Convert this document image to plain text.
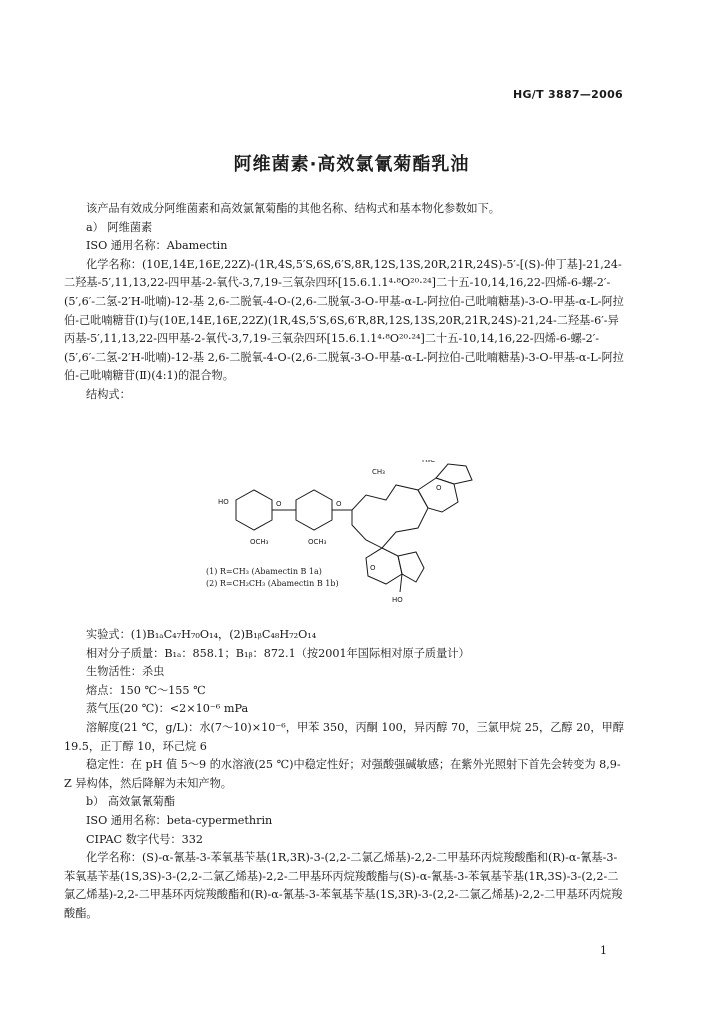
HG/T 3887—2006
阿维菌素·高效氯氰菊酯乳油

该产品有效成分阿维菌素和高效氯氰菊酯的其他名称、结构式和基本物化参数如下。

a） 阿维菌素

ISO 通用名称：Abamectin

化学名称：(10E,14E,16E,22Z)-(1R,4S,5′S,6S,6′S,8R,12S,13S,20R,21R,24S)-5′-[(S)-仲丁基]-21,24-二羟基-5′,11,13,22-四甲基-2-氧代-3,7,19-三氧杂四环[15.6.1.1⁴·⁸O²⁰·²⁴]二十五-10,14,16,22-四烯-6-螺-2′-(5′,6′-二氢-2′H-吡喃)-12-基 2,6-二脱氧-4-O-(2,6-二脱氧-3-O-甲基-α-L-阿拉伯-己吡喃糖基)-3-O-甲基-α-L-阿拉伯-己吡喃糖苷(Ⅰ)与(10E,14E,16E,22Z)(1R,4S,5′S,6S,6′R,8R,12S,13S,20R,21R,24S)-21,24-二羟基-6′-异丙基-5′,11,13,22-四甲基-2-氧代-3,7,19-三氧杂四环[15.6.1.1⁴·⁸O²⁰·²⁴]二十五-10,14,16,22-四烯-6-螺-2′-(5′,6′-二氢-2′H-吡喃)-12-基 2,6-二脱氧-4-O-(2,6-二脱氧-3-O-甲基-α-L-阿拉伯-己吡喃糖基)-3-O-甲基-α-L-阿拉伯-己吡喃糖苷(Ⅱ)(4:1)的混合物。

结构式：

HO
OCH₃	OCH₃
O	O
O
CH₃
H₃C
O
HO

(1) R=CH₃ (Abamectin B 1a)

(2) R=CH₂CH₃ (Abamectin B 1b)

实验式：(1)B₁ₐC₄₇H₇₀O₁₄，(2)B₁ᵦC₄₈H₇₂O₁₄

相对分子质量：B₁ₐ：858.1；B₁ᵦ：872.1（按2001年国际相对原子质量计）

生物活性：杀虫

熔点：150 ℃～155 ℃

蒸气压(20 ℃)：<2×10⁻⁶ mPa

溶解度(21 ℃，g/L)：水(7～10)×10⁻⁶，甲苯 350，丙酮 100，异丙醇 70，三氯甲烷 25，乙醇 20，甲醇 19.5，正丁醇 10，环己烷 6

稳定性：在 pH 值 5～9 的水溶液(25 ℃)中稳定性好；对强酸强碱敏感；在紫外光照射下首先会转变为 8,9-Z 异构体，然后降解为未知产物。

b） 高效氯氰菊酯

ISO 通用名称：beta-cypermethrin

CIPAC 数字代号：332

化学名称：(S)-α-氰基-3-苯氧基苄基(1R,3R)-3-(2,2-二氯乙烯基)-2,2-二甲基环丙烷羧酸酯和(R)-α-氰基-3-苯氧基苄基(1S,3S)-3-(2,2-二氯乙烯基)-2,2-二甲基环丙烷羧酸酯与(S)-α-氰基-3-苯氧基苄基(1R,3S)-3-(2,2-二氯乙烯基)-2,2-二甲基环丙烷羧酸酯和(R)-α-氰基-3-苯氧基苄基(1S,3R)-3-(2,2-二氯乙烯基)-2,2-二甲基环丙烷羧酸酯。

1
